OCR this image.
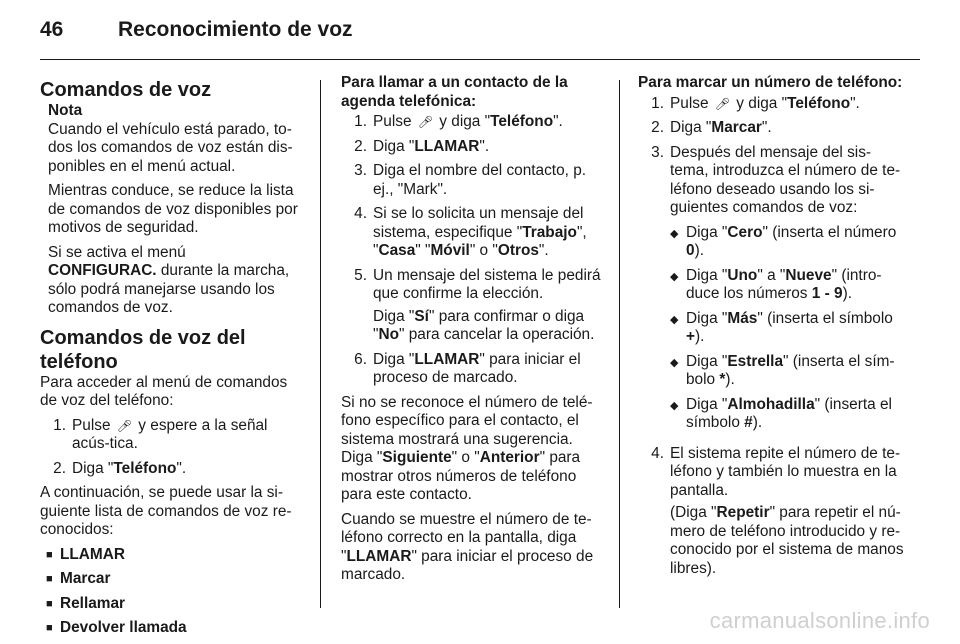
46	Reconocimiento de voz
Comandos de voz
Nota

Cuando el vehículo está parado, to-dos los comandos de voz están dis-ponibles en el menú actual.

Mientras conduce, se reduce la lista de comandos de voz disponibles por motivos de seguridad.

Si se activa el menú
CONFIGURAC. durante la marcha, sólo podrá manejarse usando los comandos de voz.

Comandos de voz del teléfono

Para acceder al menú de comandos de voz del teléfono:

1. Pulse 🎤︎ y espere a la señal acús-tica.
2. Diga "Teléfono".

A continuación, se puede usar la si-guiente lista de comandos de voz re-conocidos:

■ LLAMAR
■ Marcar
■ Rellamar
■ Devolver llamada

Para llamar a un contacto de la agenda telefónica:

1. Pulse 🎤︎ y diga "Teléfono".
2. Diga "LLAMAR".
3. Diga el nombre del contacto, p. ej., "Mark".
4. Si se lo solicita un mensaje del sistema, especifique "Trabajo", "Casa" "Móvil" o "Otros".
5. Un mensaje del sistema le pedirá que confirme la elección.

Diga "Sí" para confirmar o diga "No" para cancelar la operación.

6. Diga "LLAMAR" para iniciar el proceso de marcado.

Si no se reconoce el número de telé-fono específico para el contacto, el sistema mostrará una sugerencia. Diga "Siguiente" o "Anterior" para mostrar otros números de teléfono para este contacto.

Cuando se muestre el número de te-léfono correcto en la pantalla, diga "LLAMAR" para iniciar el proceso de marcado.

Para marcar un número de teléfono:

1. Pulse 🎤︎ y diga "Teléfono".
2. Diga "Marcar".
3. Después del mensaje del sis-tema, introduzca el número de te-léfono deseado usando los si-guientes comandos de voz:
◆ Diga "Cero" (inserta el número 0).
◆ Diga "Uno" a "Nueve" (intro-duce los números 1 - 9).
◆ Diga "Más" (inserta el símbolo +).
◆ Diga "Estrella" (inserta el sím-bolo *).
◆ Diga "Almohadilla" (inserta el símbolo #).
4. El sistema repite el número de te-léfono y también lo muestra en la pantalla.

(Diga "Repetir" para repetir el nú-mero de teléfono introducido y re-conocido por el sistema de manos libres).

carmanualsonline.info
